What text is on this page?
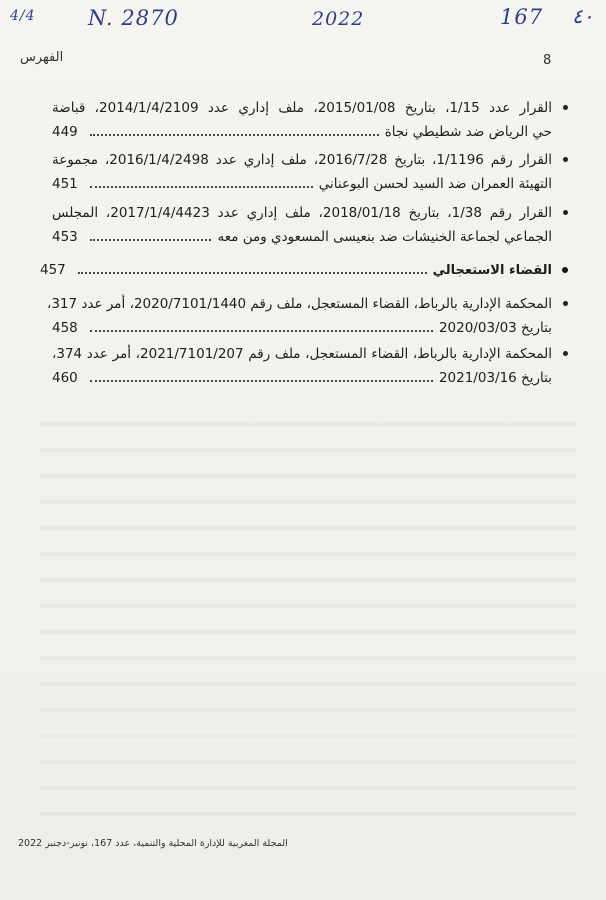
4/4 N. 2870	2022	167 ٤٠
8
الفهرس
القرار عدد 1/15، بتاريخ 2015/01/08، ملف إداري عدد 2014/1/4/2109، قباضة
حي الرياض ضد شطيطي نجاة
449
القرار رقم 1/1196، بتاريخ 2016/7/28، ملف إداري عدد 2016/1/4/2498، مجموعة
التهيئة العمران ضد السيد لحسن البوعناني
451
القرار رقم 1/38، بتاريخ 2018/01/18، ملف إداري عدد 2017/1/4/4423، المجلس
الجماعي لجماعة الخنيشات ضد بنعيسى المسعودي ومن معه
453
القضاء الاستعجالي
457
المحكمة الإدارية بالرباط، القضاء المستعجل، ملف رقم 2020/7101/1440، أمر عدد 317،
بتاريخ 2020/03/03
458
المحكمة الإدارية بالرباط، القضاء المستعجل، ملف رقم 2021/7101/207، أمر عدد 374،
بتاريخ 2021/03/16
460
المجلة المغربية للإدارة المحلية والتنمية، عدد 167، نونبر-دجنبر 2022
